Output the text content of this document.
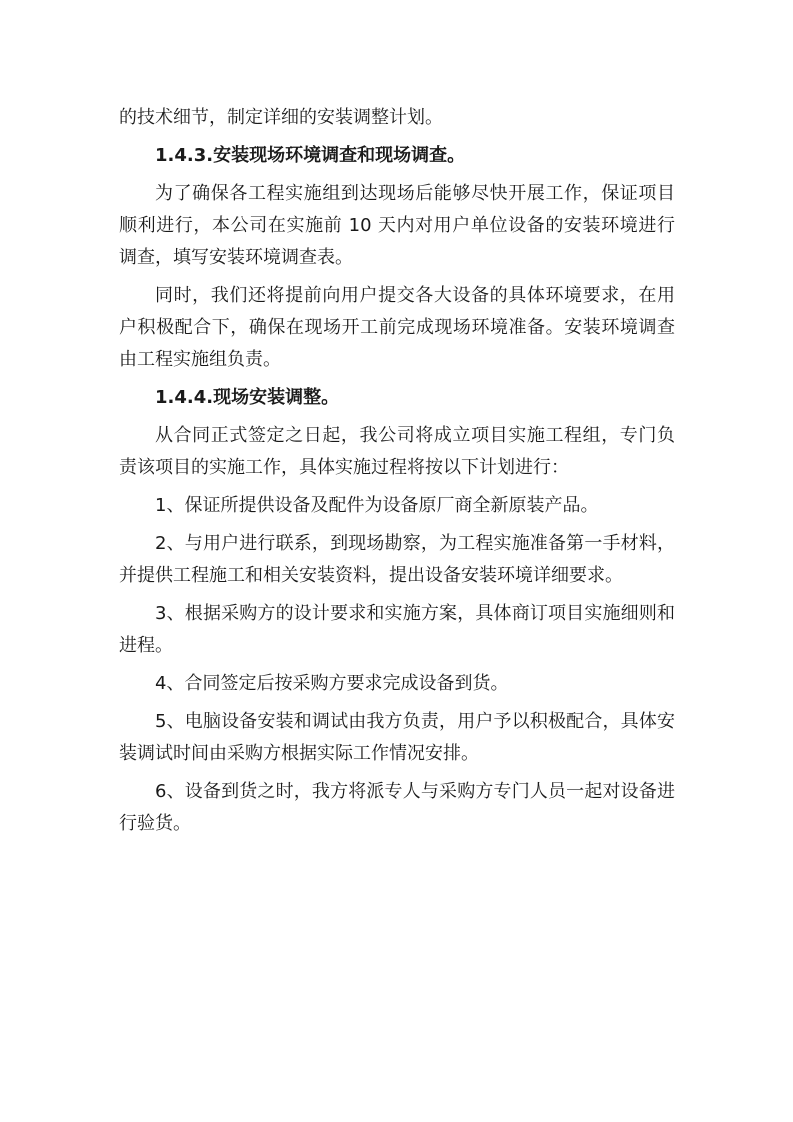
的技术细节，制定详细的安装调整计划。

1.4.3.安装现场环境调查和现场调查。

为了确保各工程实施组到达现场后能够尽快开展工作，保证项目顺利进行，本公司在实施前 10 天内对用户单位设备的安装环境进行调查，填写安装环境调查表。

同时，我们还将提前向用户提交各大设备的具体环境要求，在用户积极配合下，确保在现场开工前完成现场环境准备。安装环境调查由工程实施组负责。

1.4.4.现场安装调整。

从合同正式签定之日起，我公司将成立项目实施工程组，专门负责该项目的实施工作，具体实施过程将按以下计划进行：

1、保证所提供设备及配件为设备原厂商全新原装产品。

2、与用户进行联系，到现场勘察，为工程实施准备第一手材料，并提供工程施工和相关安装资料，提出设备安装环境详细要求。

3、根据采购方的设计要求和实施方案，具体商订项目实施细则和进程。

4、合同签定后按采购方要求完成设备到货。

5、电脑设备安装和调试由我方负责，用户予以积极配合，具体安装调试时间由采购方根据实际工作情况安排。

6、设备到货之时，我方将派专人与采购方专门人员一起对设备进行验货。
